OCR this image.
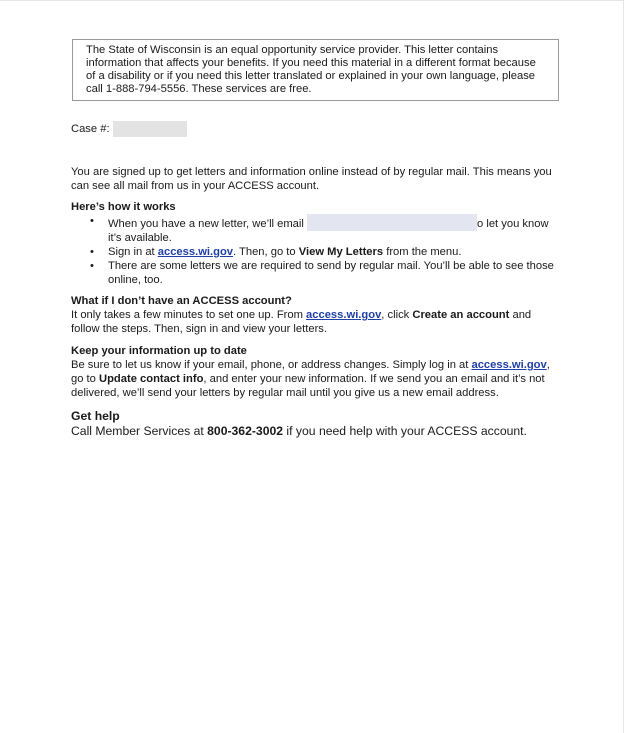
The State of Wisconsin is an equal opportunity service provider. This letter contains information that affects your benefits. If you need this material in a different format because of a disability or if you need this letter translated or explained in your own language, please call 1-888-794-5556. These services are free.
Case #:

You are signed up to get letters and information online instead of by regular mail. This means you can see all mail from us in your ACCESS account.

Here’s how it works

• When you have a new letter, we’ll email	o let you know it’s available.
• Sign in at access.wi.gov. Then, go to View My Letters from the menu.
• There are some letters we are required to send by regular mail. You’ll be able to see those online, too.

What if I don’t have an ACCESS account?

It only takes a few minutes to set one up. From access.wi.gov, click Create an account and follow the steps. Then, sign in and view your letters.

Keep your information up to date

Be sure to let us know if your email, phone, or address changes. Simply log in at access.wi.gov, go to Update contact info, and enter your new information. If we send you an email and it’s not delivered, we’ll send your letters by regular mail until you give us a new email address.

Get help

Call Member Services at 800-362-3002 if you need help with your ACCESS account.
